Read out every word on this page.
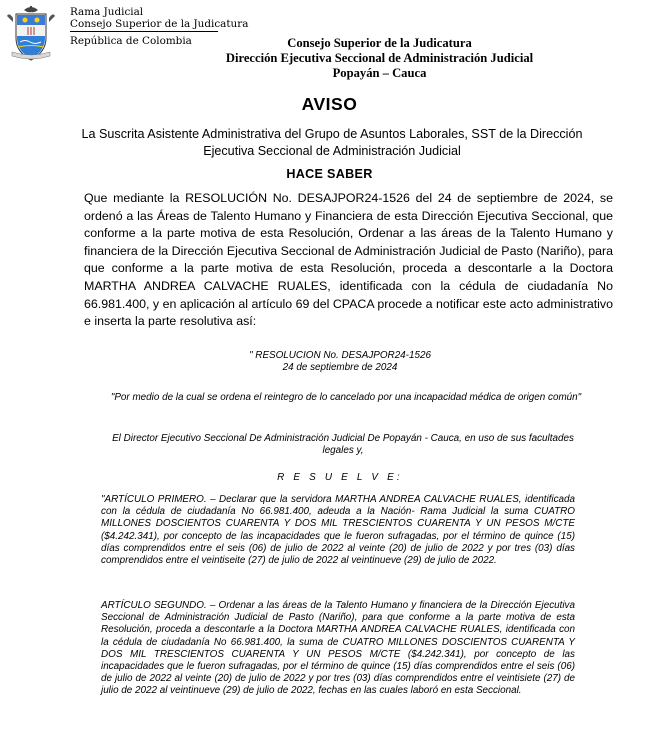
Rama Judicial
Consejo Superior de la Judicatura
República de Colombia	Consejo Superior de la Judicatura
Dirección Ejecutiva Seccional de Administración Judicial
Popayán – Cauca
AVISO
La Suscrita Asistente Administrativa del Grupo de Asuntos Laborales, SST de la Dirección Ejecutiva Seccional de Administración Judicial
HACE SABER
Que mediante la RESOLUCIÓN No. DESAJPOR24-1526 del 24 de septiembre de 2024, se ordenó a las Áreas de Talento Humano y Financiera de esta Dirección Ejecutiva Seccional, que conforme a la parte motiva de esta Resolución, Ordenar a las áreas de la Talento Humano y financiera de la Dirección Ejecutiva Seccional de Administración Judicial de Pasto (Nariño), para que conforme a la parte motiva de esta Resolución, proceda a descontarle a la Doctora MARTHA ANDREA CALVACHE RUALES, identificada con la cédula de ciudadanía No 66.981.400, y en aplicación al artículo 69 del CPACA procede a notificar este acto administrativo e inserta la parte resolutiva así:
" RESOLUCION No. DESAJPOR24-1526
24 de septiembre de 2024
"Por medio de la cual se ordena el reintegro de lo cancelado por una incapacidad médica de origen común"
El Director Ejecutivo Seccional De Administración Judicial De Popayán - Cauca, en uso de sus facultades legales y,
R E S U E L V E:
"ARTÍCULO PRIMERO. – Declarar que la servidora MARTHA ANDREA CALVACHE RUALES, identificada con la cédula de ciudadanía No 66.981.400, adeuda a la Nación- Rama Judicial la suma CUATRO MILLONES DOSCIENTOS CUARENTA Y DOS MIL TRESCIENTOS CUARENTA Y UN PESOS M/CTE ($4.242.341), por concepto de las incapacidades que le fueron sufragadas, por el término de quince (15) días comprendidos entre el seis (06) de julio de 2022 al veinte (20) de julio de 2022 y por tres (03) días comprendidos entre el veintiseite (27) de julio de 2022 al veintinueve (29) de julio de 2022.
ARTÍCULO SEGUNDO. – Ordenar a las áreas de la Talento Humano y financiera de la Dirección Ejecutiva Seccional de Administración Judicial de Pasto (Nariño), para que conforme a la parte motiva de esta Resolución, proceda a descontarle a la Doctora MARTHA ANDREA CALVACHE RUALES, identificada con la cédula de ciudadanía No 66.981.400, la suma de CUATRO MILLONES DOSCIENTOS CUARENTA Y DOS MIL TRESCIENTOS CUARENTA Y UN PESOS M/CTE ($4.242.341), por concepto de las incapacidades que le fueron sufragadas, por el término de quince (15) días comprendidos entre el seis (06) de julio de 2022 al veinte (20) de julio de 2022 y por tres (03) días comprendidos entre el veintisiete (27) de julio de 2022 al veintinueve (29) de julio de 2022, fechas en las cuales laboró en esta Seccional.
